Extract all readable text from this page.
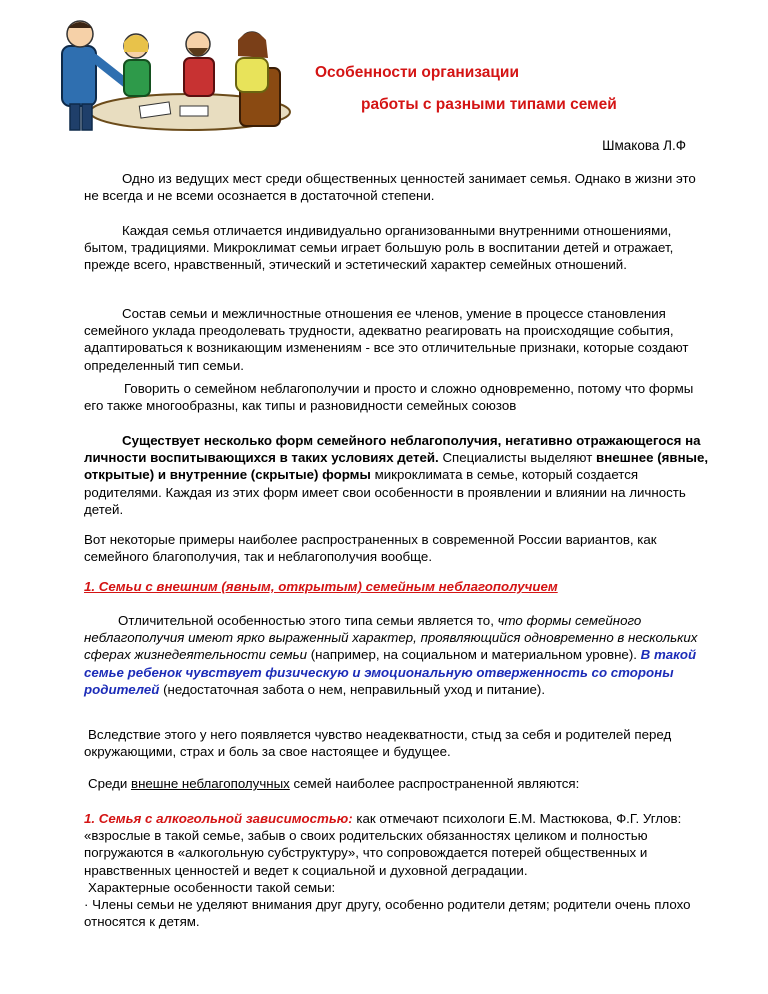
Особенности организации
работы с разными типами семей
Шмакова Л.Ф

Одно из ведущих мест среди общественных ценностей занимает семья. Однако в жизни это не всегда и не всеми осознается в достаточной степени.

Каждая семья отличается индивидуально организованными внутренними отношениями, бытом, традициями. Микроклимат семьи играет большую роль в воспитании детей и отражает, прежде всего, нравственный, этический и эстетический характер семейных отношений.

Состав семьи и межличностные отношения ее членов, умение в процессе становления семейного уклада преодолевать трудности, адекватно реагировать на происходящие события, адаптироваться к возникающим изменениям - все это отличительные признаки, которые создают определенный тип семьи.

Говорить о семейном неблагополучии и просто и сложно одновременно, потому что формы его также многообразны, как типы и разновидности семейных союзов

Существует несколько форм семейного неблагополучия, негативно отражающегося на личности воспитывающихся в таких условиях детей. Специалисты выделяют внешнее (явные, открытые) и внутренние (скрытые) формы микроклимата в семье, который создается родителями. Каждая из этих форм имеет свои особенности в проявлении и влиянии на личность детей.

Вот некоторые примеры наиболее распространенных в современной России вариантов, как семейного благополучия, так и неблагополучия вообще.

1. Семьи с внешним (явным, открытым) семейным неблагополучием

Отличительной особенностью этого типа семьи является то, что формы семейного неблагополучия имеют ярко выраженный характер, проявляющийся одновременно в нескольких сферах жизнедеятельности семьи (например, на социальном и материальном уровне). В такой семье ребенок чувствует физическую и эмоциональную отверженность со стороны родителей (недостаточная забота о нем, неправильный уход и питание).

Вследствие этого у него появляется чувство неадекватности, стыд за себя и родителей перед окружающими, страх и боль за свое настоящее и будущее.

Среди внешне неблагополучных семей наиболее распространенной являются:

1. Семья с алкогольной зависимостью: как отмечают психологи Е.М. Мастюкова, Ф.Г. Углов: «взрослые в такой семье, забыв о своих родительских обязанностях целиком и полностью погружаются в «алкогольную субструктуру», что сопровождается потерей общественных и нравственных ценностей и ведет к социальной и духовной деградации.

Характерные особенности такой семьи:

· Члены семьи не уделяют внимания друг другу, особенно родители детям; родители очень плохо относятся к детям.
